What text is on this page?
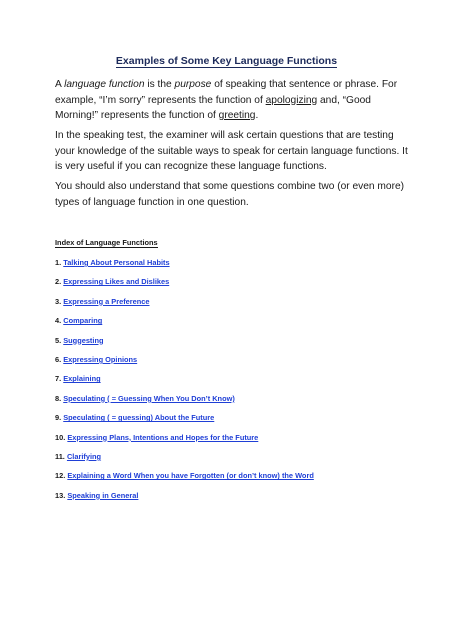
Examples of Some Key Language Functions
A language function is the purpose of speaking that sentence or phrase. For example, “I’m sorry” represents the function of apologizing and, “Good Morning!” represents the function of greeting.
In the speaking test, the examiner will ask certain questions that are testing your knowledge of the suitable ways to speak for certain language functions. It is very useful if you can recognize these language functions.
You should also understand that some questions combine two (or even more) types of language function in one question.
Index of Language Functions
1. Talking About Personal Habits
2. Expressing Likes and Dislikes
3. Expressing a Preference
4. Comparing
5. Suggesting
6. Expressing Opinions
7. Explaining
8. Speculating ( = Guessing When You Don’t Know)
9. Speculating ( = guessing) About the Future
10. Expressing Plans, Intentions and Hopes for the Future
11. Clarifying
12. Explaining a Word When you have Forgotten (or don’t know) the Word
13. Speaking in General
